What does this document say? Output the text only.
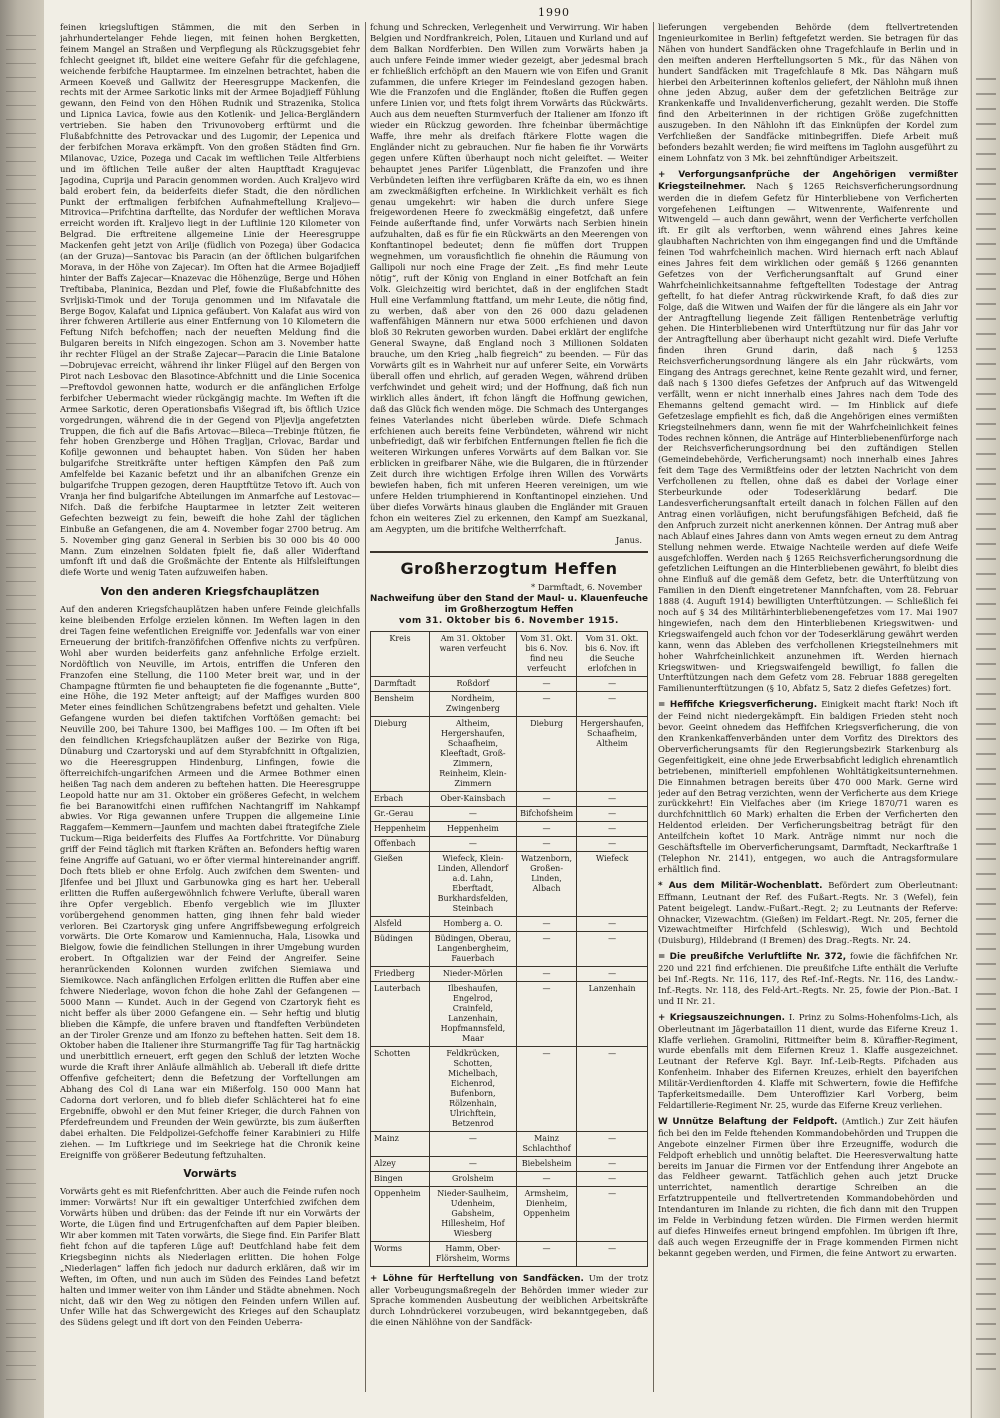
1990

feinen kriegsluftigen Stämmen, die mit den Serben in jahrhundertelanger Fehde liegen, mit feinen hohen Bergketten, feinem Mangel an Straßen und Verpflegung als Rückzugsgebiet fehr fchlecht geeignet ift, bildet eine weitere Gefahr für die gefchlagene, weichende ferbifche Hauptarmee. Im einzelnen betrachtet, haben die Armeen Koeveß und Gallwitz der Heeresgruppe Mackenfen, die rechts mit der Armee Sarkotic links mit der Armee Bojadjieff Fühlung gewann, den Feind von den Höhen Rudnik und Strazenika, Stolica und Lipnica Lavica, fowie aus den Kotlenik- und Jelica-Bergländern vertrieben. Sie haben den Trivunovoberg erftürmt und die Flußabfchnitte des Petrovackar und des Lugomir, der Lepenica und der ferbifchen Morava erkämpft. Von den großen Städten find Grn. Milanovac, Uzice, Pozega und Cacak im weftlichen Teile Altferbiens und im öftlichen Teile außer der alten Hauptftadt Kragujevac Jagodina, Cuprija und Paracin genommen worden. Auch Kraljevo wird bald erobert fein, da beiderfeits diefer Stadt, die den nördlichen Punkt der erftmaligen ferbifchen Aufnahmeftellung Kraljevo—Mitrovica—Prifchtina darftellte, das Nordufer der weftlichen Morava erreicht worden ift. Kraljevo liegt in der Luftlinie 120 Kilometer von Belgrad. Die erftreitene allgemeine Linie der Heeresgruppe Mackenfen geht jetzt von Arilje (füdlich von Pozega) über Godacica (an der Gruza)—Santovac bis Paracin (an der öftlichen bulgarifchen Morava, in der Höhe von Zajecar). Im Often hat die Armee Bojadjieff hinter der Baffs Zajecar—Knazevac die Höhenzüge, Berge und Höhen Treftibaba, Planinica, Bezdan und Plef, fowie die Flußabfchnitte des Svrljiski-Timok und der Toruja genommen und im Nifavatale die Berge Bogov, Kalafat und Lipnica gefäubert. Von Kalafat aus wird von ihrer fchweren Artillerie aus einer Entfernung von 10 Kilometern die Feftung Nifch befchoffen; nach der neueften Meldung find die Bulgaren bereits in Nifch eingezogen. Schon am 3. November hatte ihr rechter Flügel an der Straße Zajecar—Paracin die Linie Batalone—Dobrujevac erreicht, während ihr linker Flügel auf den Bergen von Pirot nach Lesbovac den Blasotince-Abfchnitt und die Linie Socenica—Preftovdol gewonnen hatte, wodurch er die anfänglichen Erfolge ferbifcher Uebermacht wieder rückgängig machte. Im Weften ift die Armee Sarkotic, deren Operationsbafis Višegrad ift, bis öftlich Uzice vorgedrungen, während die in der Gegend von Pljevlja angefetzten Truppen, die fich auf die Bafis Artovac—Bileca—Trebinje ftützen, fie fehr hoben Grenzberge und Höhen Tragljan, Crlovac, Bardar und Kofilje gewonnen und behauptet haben. Von Süden her haben bulgarifche Streitkräfte unter heftigen Kämpfen den Paß zum Amfelfelde bei Kazanic befetzt und ihr an albanifchen Grenze ein bulgarifche Truppen gezogen, deren Hauptftütze Tetovo ift. Auch von Vranja her find bulgarifche Abteilungen im Anmarfche auf Lestovac—Nifch. Daß die ferbifche Hauptarmee in letzter Zeit weiteren Gefechten bezweigt zu fein, beweift die hohe Zahl der täglichen Einbuße an Gefangenen, die am 4. November fogar 2700 betrug. Am 5. November ging ganz General in Serbien bis 30 000 bis 40 000 Mann. Zum einzelnen Soldaten fpielt fie, daß aller Widerftand umfonft ift und daß die Großmächte der Entente als Hilfsleiftungen diefe Worte und wenig Taten aufzuweifen haben.

Von den anderen Kriegsfchauplätzen

Auf den anderen Kriegsfchauplätzen haben unfere Feinde gleichfalls keine bleibenden Erfolge erzielen können. Im Weften lagen in den drei Tagen feine wefentlichen Ereigniffe vor. Jedenfalls war von einer Erneuerung der britifch-franzöfifchen Offenfive nichts zu verfpüren. Wohl aber wurden beiderfeits ganz anfehnliche Erfolge erzielt. Nordöftlich von Neuville, im Artois, entriffen die Unferen den Franzofen eine Stellung, die 1100 Meter breit war, und in der Champagne ftürmten fie und behaupteten fie die fogenannte „Butte“, eine Höhe, die 192 Meter anfteigt; auf der Maffiges wurden 800 Meter eines feindlichen Schützengrabens befetzt und gehalten. Viele Gefangene wurden bei diefen taktifchen Vorftößen gemacht: bei Neuville 200, bei Tahure 1300, bei Maffiges 100. — Im Often ift bei den feindlichen Kriegsfchauplätzen außer der Bezirke von Riga, Dünaburg und Czartoryski und auf dem Styrabfchnitt in Oftgalizien, wo die Heeresgruppen Hindenburg, Linfingen, fowie die öfterreichifch-ungarifchen Armeen und die Armee Bothmer einen heißen Tag nach dem anderen zu beftehen hatten. Die Heeresgruppe Leopold hatte nur am 31. Oktober ein größeres Gefecht, in welchem fie bei Baranowitfchi einen ruffifchen Nachtangriff im Nahkampf abwies. Vor Riga gewannen unfere Truppen die allgemeine Linie Raggafem—Kemmern—Jaunfem und machten dabei ftrategifche Ziele Tuckum—Riga beiderfeits des Fluffes Aa Fortfchritte. Vor Dünaburg griff der Feind täglich mit ftarken Kräften an. Befonders heftig waren feine Angriffe auf Gatuani, wo er öfter viermal hintereinander angriff. Doch ftets blieb er ohne Erfolg. Auch zwifchen dem Swenten- und Jlfenfee und bei Jlluxt und Garbunowka ging es hart her. Ueberall erlitten die Ruffen außergewöhnlich fchwere Verlufte, überall waren ihre Opfer vergeblich. Ebenfo vergeblich wie im Jlluxter vorübergehend genommen hatten, ging ihnen fehr bald wieder verloren. Bei Czartorysk ging unfere Angriffsbewegung erfolgreich vorwärts. Die Orte Komarow und Kamiennucha, Hala, Lisowka und Bielgow, fowie die feindlichen Stellungen in ihrer Umgebung wurden erobert. In Oftgalizien war der Feind der Angreifer. Seine heranrückenden Kolonnen wurden zwifchen Siemiawa und Siemikowce. Nach anfänglichen Erfolgen erlitten die Ruffen aber eine fchwere Niederlage, wovon fchon die hohe Zahl der Gefangenen — 5000 Mann — Kundet. Auch in der Gegend von Czartoryk fieht es nicht beffer als über 2000 Gefangene ein. — Sehr heftig und blutig blieben die Kämpfe, die unfere braven und ftandfeften Verbündeten an der Tiroler Grenze und am Ifonzo zu beftehen hatten. Seit dem 18. Oktober haben die Italiener ihre Sturmangriffe Tag für Tag hartnäckig und unerbittlich erneuert, erft gegen den Schluß der letzten Woche wurde die Kraft ihrer Anläufe allmählich ab. Ueberall ift diefe dritte Offenfive gefcheitert; denn die Befetzung der Vorftellungen am Abhang des Col di Lana war ein Mißerfolg. 150 000 Mann hat Cadorna dort verloren, und fo blieb diefer Schlächterei hat fo eine Ergebniffe, obwohl er den Mut feiner Krieger, die durch Fahnen von Pferdefreundem und Freunden der Wein gewürzte, bis zum äußerften dabei erhalten. Die Feldpolizei-Gefchoffe feiner Karabinieri zu Hilfe ziehen. — Im Luftkriege und im Seekriege hat die Chronik keine Ereigniffe von größerer Bedeutung feftzuhalten.

Vorwärts

Vorwärts geht es mit Riefenfchritten. Aber auch die Feinde rufen noch immer: Vorwärts! Nur ift ein gewaltiger Unterfchied zwifchen dem Vorwärts hüben und drüben: das der Feinde ift nur ein Vorwärts der Worte, die Lügen find und Ertrugenfchaften auf dem Papier bleiben. Wir aber kommen mit Taten vorwärts, die Siege find. Ein Parifer Blatt fieht fchon auf die tapferen Lüge auf! Deutfchland habe feit dem Kriegsbeginn nichts als Niederlagen erlitten. Die hohen Folge „Niederlagen“ laffen fich jedoch nur dadurch erklären, daß wir im Weften, im Often, und nun auch im Süden des Feindes Land befetzt halten und immer weiter von ihm Länder und Städte abnehmen. Noch nicht, daß wir den Weg zu nötigen den Feinden unfern Willen auf. Unfer Wille hat das Schwergewicht des Krieges auf den Schauplatz des Südens gelegt und ift dort von den Feinden Ueberra-

fchung und Schrecken, Verlegenheit und Verwirrung. Wir haben Belgien und Nordfrankreich, Polen, Litauen und Kurland und auf dem Balkan Nordferbien. Den Willen zum Vorwärts haben ja auch unfere Feinde immer wieder gezeigt, aber jedesmal brach er fchließlich erfchöpft an den Mauern wie von Eifen und Granit zufammen, die unfere Krieger im Feindesland gezogen haben. Wie die Franzofen und die Engländer, ftoßen die Ruffen gegen unfere Linien vor, und ftets folgt ihrem Vorwärts das Rückwärts. Auch aus dem neueften Sturmverfuch der Italiener am Ifonzo ift wieder ein Rückzug geworden. Ihre fcheinbar übermächtige Waffe, ihre mehr als dreifach ftärkere Flotte wagen die Engländer nicht zu gebrauchen. Nur fie haben fie ihr Vorwärts gegen unfere Küften überhaupt noch nicht geleiftet. — Weiter behauptet jenes Parifer Lügenblatt, die Franzofen und ihre Verbündeten leiften ihre verfügbaren Kräfte da ein, wo es ihnen am zweckmäßigften erfcheine. In Wirklichkeit verhält es fich genau umgekehrt: wir haben die durch unfere Siege freigewordenen Heere fo zweckmäßig eingefetzt, daß unfere Feinde außerftande find, unfer Vorwärts nach Serbien hinein aufzuhalten, daß es für fie ein Rückwärts an den Meerengen von Konftantinopel bedeutet; denn fie müffen dort Truppen wegnehmen, um vorausfichtlich fie ohnehin die Räumung von Gallipoli nur noch eine Frage der Zeit. „Es find mehr Leute nötig“, ruft der König von England in einer Botfchaft an fein Volk. Gleichzeitig wird berichtet, daß in der englifchen Stadt Hull eine Verfammlung ftattfand, um mehr Leute, die nötig find, zu werben, daß aber von den 26 000 dazu geladenen waffenfähigen Männern nur etwa 5000 erfchienen und davon bloß 30 Rekruten geworben wurden. Dabei erklärt der englifche General Swayne, daß England noch 3 Millionen Soldaten brauche, um den Krieg „halb fiegreich“ zu beenden. — Für das Vorwärts gilt es in Wahrheit nur auf unferer Seite, ein Vorwärts überall offen und ehrlich, auf geraden Wegen, während drüben verfchwindet und geheit wird; und der Hoffnung, daß fich nun wirklich alles ändert, ift fchon längft die Hoffnung gewichen, daß das Glück fich wenden möge. Die Schmach des Unterganges feines Vaterlandes nicht überleben würde. Diefe Schmach erfchienen auch bereits feine Verbündeten, während wir nicht unbefriedigt, daß wir ferbifchen Entfernungen ftellen fie fich die weiteren Wirkungen unferes Vorwärts auf dem Balkan vor. Sie erblicken in greifbarer Nähe, wie die Bulgaren, die in ftürzender Zeit durch ihre wichtigen Erfolge ihren Willen des Vorwärts bewiefen haben, fich mit unferen Heeren vereinigen, um wie unfere Helden triumphierend in Konftantinopel einziehen. Und über diefes Vorwärts hinaus glauben die Engländer mit Grauen fchon ein weiteres Ziel zu erkennen, den Kampf am Suezkanal, am Aegypten, um die britifche Weltherrfchaft.

Janus.
Großherzogtum Heffen
* Darmftadt, 6. November
Nachweifung über den Stand der Maul- u. Klauenfeuche
im Großherzogtum Heffen
vom 31. Oktober bis 6. November 1915.
Kreis	Am 31. Oktober waren verfeucht	Vom 31. Okt. bis 6. Nov. find neu verfeucht	Vom 31. Okt. bis 6. Nov. ift die Seuche erlofchen in
Darmftadt	Roßdorf	—	—
Bensheim	Nordheim, Zwingenberg	—	—
Dieburg	Altheim, Hergershaufen, Schaafheim, Kleeftadt, Groß-Zimmern, Reinheim, Klein-Zimmern	Dieburg	Hergershaufen, Schaafheim, Altheim
Erbach	Ober-Kainsbach	—	—
Gr.-Gerau	—	Bifchofsheim	—
Heppenheim	Heppenheim	—	—
Offenbach	—	—	—
Gießen	Wiefeck, Klein-Linden, Allendorf a.d. Lahn, Eberftadt, Burkhardsfelden, Steinbach	Watzenborn, Großen-Linden, Albach	Wiefeck
Alsfeld	Homberg a. O.	—	—
Büdingen	Büdingen, Oberau, Langenbergheim, Fauerbach	—	—
Friedberg	Nieder-Mörlen	—	—
Lauterbach	Ilbeshaufen, Engelrod, Crainfeld, Lanzenhain, Hopfmannsfeld, Maar	—	Lanzenhain
Schotten	Feldkrücken, Schotten, Michelbach, Eichenrod, Bufenborn, Rölzenhain, Ulrichftein, Betzenrod	—	—
Mainz	—	Mainz Schlachthof	—
Alzey	—	Biebelsheim	—
Bingen	Grolsheim	—	—
Oppenheim	Nieder-Saulheim, Udenheim, Gabsheim, Hillesheim, Hof Wiesberg	Armsheim, Dienheim, Oppenheim	—
Worms	Hamm, Ober-Flörsheim, Worms	—	—

+ Löhne für Herftellung von Sandfäcken. Um der trotz aller Vorbeugungsmaßregeln der Behörden immer wieder zur Sprache kommenden Ausbeutung der weiblichen Arbeitskräfte durch Lohndrückerei vorzubeugen, wird bekanntgegeben, daß die einen Nählöhne von der Sandfäck-

lieferungen vergebenden Behörde (dem ftellvertretenden Ingenieurkomitee in Berlin) feftgefetzt werden. Sie betragen für das Nähen von hundert Sandfäcken ohne Tragefchlaufe in Berlin und in den meiften anderen Herftellungsorten 5 Mk., für das Nähen von hundert Sandfäcken mit Tragefchlaufe 8 Mk. Das Nähgarn muß hierbei den Arbeiterinnen koftenlos geliefert, der Nählohn muß ihnen ohne jeden Abzug, außer dem der gefetzlichen Beiträge zur Krankenkaffe und Invalidenverficherung, gezahlt werden. Die Stoffe find den Arbeiterinnen in der richtigen Größe zugefchnitten auszugeben. In den Nählohn ift das Einknüpfen der Kordel zum Verfchließen der Sandfäcke mitinbegriffen. Diefe Arbeit muß befonders bezahlt werden; fie wird meiftens im Taglohn ausgeführt zu einem Lohnfatz von 3 Mk. bei zehnftündiger Arbeitszeit.

+ Verforgungsanfprüche der Angehörigen vermißter Kriegsteilnehmer. Nach § 1265 Reichsverficherungsordnung werden die in diefem Gefetz für Hinterbliebene von Verficherten vorgefehenen Leiftungen — Witwenrente, Waifenrente und Witwengeld — auch dann gewährt, wenn der Verficherte verfchollen ift. Er gilt als verftorben, wenn während eines Jahres keine glaubhaften Nachrichten von ihm eingegangen find und die Umftände feinen Tod wahrfcheinlich machen. Wird hiernach erft nach Ablauf eines Jahres feit dem wirklichen oder gemäß § 1266 genannten Gefetzes von der Verficherungsanftalt auf Grund einer Wahrfcheinlichkeitsannahme feftgeftellten Todestage der Antrag geftellt, fo hat diefer Antrag rückwirkende Kraft, fo daß dies zur Folge, daß die Witwen und Waifen der für die längere als ein Jahr vor der Antragftellung liegende Zeit fälligen Rentenbeträge verluftig gehen. Die Hinterbliebenen wird Unterftützung nur für das Jahr vor der Antragftellung aber überhaupt nicht gezahlt wird. Diefe Verlufte finden ihren Grund darin, daß nach § 1253 Reichsverficherungsordnung längere als ein Jahr rückwärts, vom Eingang des Antrags gerechnet, keine Rente gezahlt wird, und ferner, daß nach § 1300 diefes Gefetzes der Anfpruch auf das Witwengeld verfällt, wenn er nicht innerhalb eines Jahres nach dem Tode des Ehemanns geltend gemacht wird. — Im Hinblick auf diefe Gefetzeslage empfiehlt es fich, daß die Angehörigen eines vermißten Kriegsteilnehmers dann, wenn fie mit der Wahrfcheinlichkeit feines Todes rechnen können, die Anträge auf Hinterbliebenenfürforge nach der Reichsverficherungsordnung bei den zuftändigen Stellen (Gemeindebehörde, Verficherungsamt) noch innerhalb eines Jahres feit dem Tage des Vermißtfeins oder der letzten Nachricht von dem Verfchollenen zu ftellen, ohne daß es dabei der Vorlage einer Sterbeurkunde oder Todeserklärung bedarf. Die Landesverficherungsanftalt erteilt danach in folchen Fällen auf den Antrag einen vorläufigen, nicht berufungsfähigen Befcheid, daß fie den Anfpruch zurzeit nicht anerkennen können. Der Antrag muß aber nach Ablauf eines Jahres dann von Amts wegen erneut zu dem Antrag Stellung nehmen werde. Etwaige Nachteile werden auf diefe Weife ausgefchloffen. Werden nach § 1265 Reichsverficherungsordnung die gefetzlichen Leiftungen an die Hinterbliebenen gewährt, fo bleibt dies ohne Einfluß auf die gemäß dem Gefetz, betr. die Unterftützung von Familien in den Dienft eingetretener Mannfchaften, vom 28. Februar 1888 (4. Auguft 1914) bewilligten Unterftützungen. — Schließlich fei noch auf § 34 des Militärhinterbliebenengefetzes vom 17. Mai 1907 hingewiefen, nach dem den Hinterbliebenen Kriegswitwen- und Kriegswaifengeld auch fchon vor der Todeserklärung gewährt werden kann, wenn das Ableben des verfchollenen Kriegsteilnehmers mit hoher Wahrfcheinlichkeit anzunehmen ift. Werden hiernach Kriegswitwen- und Kriegswaifengeld bewilligt, fo fallen die Unterftützungen nach dem Gefetz vom 28. Februar 1888 geregelten Familienunterftützungen (§ 10, Abfatz 5, Satz 2 diefes Gefetzes) fort.

= Heffifche Kriegsverficherung. Einigkeit macht ftark! Noch ift der Feind nicht niedergekämpft. Ein baldigen Frieden steht noch bevor. Geeint ohnedem das Heffifchen Kriegsverficherung, die von den Krankenkaffenverbänden unter dem Vorfitz des Direktors des Oberverficherungsamts für den Regierungsbezirk Starkenburg als Gegenfeitigkeit, eine ohne jede Erwerbsabficht lediglich ehrenamtlich betriebenen, minifteriell empfohlenen Wohltätigkeitsunternehmen. Die Einnahmen betragen bereits über 470 000 Mark. Gerne wird jeder auf den Betrag verzichten, wenn der Verficherte aus dem Kriege zurückkehrt! Ein Vielfaches aber (im Kriege 1870/71 waren es durchfchnittlich 60 Mark) erhalten die Erben der Verficherten den Heldentod erleiden. Der Verficherungsbeitrag beträgt für den Anteilfchein koftet 10 Mark. Anträge nimmt nur noch die Geschäftsftelle im Oberverficherungsamt, Darmftadt, Neckarftraße 1 (Telephon Nr. 2141), entgegen, wo auch die Antragsformulare erhältlich find.

* Aus dem Militär-Wochenblatt. Befördert zum Oberleutnant: Effmann, Leutnant der Ref. des Fußart.-Regts. Nr. 3 (Wefel), fein Patent beigelegt. Landw.-Fußart.-Regt. 2; zu Leutnants der Referve: Ohnacker, Vizewachtm. (Gießen) im Feldart.-Regt. Nr. 205, ferner die Vizewachtmeifter Hirfchfeld (Schleswig), Wich und Bechtold (Duisburg), Hildebrand (I Bremen) des Drag.-Regts. Nr. 24.

= Die preußifche Verluftlifte Nr. 372, fowie die fächfifchen Nr. 220 und 221 find erfchienen. Die preußifche Lifte enthält die Verlufte bei Inf.-Regts. Nr. 116, 117, des Ref.-Inf.-Regts. Nr. 116, des Landw.-Inf.-Regts. Nr. 118, des Feld-Art.-Regts. Nr. 25, fowie der Pion.-Bat. I und II Nr. 21.

+ Kriegsauszeichnungen. I. Prinz zu Solms-Hohenfolms-Lich, als Oberleutnant im Jägerbataillon 11 dient, wurde das Eiferne Kreuz 1. Klaffe verliehen. Gramolini, Rittmeifter beim 8. Küraffier-Regiment, wurde ebenfalls mit dem Eifernen Kreuz 1. Klaffe ausgezeichnet. Leutnant der Referve Kgl. Bayr. Inf.-Leib-Regts. Pifchaden aus Konfenheim. Inhaber des Eifernen Kreuzes, erhielt den bayerifchen Militär-Verdienftorden 4. Klaffe mit Schwertern, fowie die Heffifche Tapferkeitsmedaille. Dem Unteroffizier Karl Vorberg, beim Feldartillerie-Regiment Nr. 25, wurde das Eiferne Kreuz verliehen.

W Unnütze Belaftung der Feldpoft. (Amtlich.) Zur Zeit häufen fich bei den im Felde ftehenden Kommandobehörden und Truppen die Angebote einzelner Firmen über ihre Erzeugniffe, wodurch die Feldpoft erheblich und unnötig belaftet. Die Heeresverwaltung hatte bereits im Januar die Firmen vor der Entfendung ihrer Angebote an das Feldheer gewarnt. Tatfächlich gehen auch jetzt Drucke unterrichtet, namentlich derartige Schreiben an die Erfatztruppenteile und ftellvertretenden Kommandobehörden und Intendanturen im Inlande zu richten, die fich dann mit den Truppen im Felde in Verbindung fetzen würden. Die Firmen werden hiermit auf diefes Hinweifes erneut bringend empfohlen. Im übrigen ift Ihre, daß auch wegen Erzeugniffe der in Frage kommenden Firmen nicht bekannt gegeben werden, und Firmen, die feine Antwort zu erwarten.
